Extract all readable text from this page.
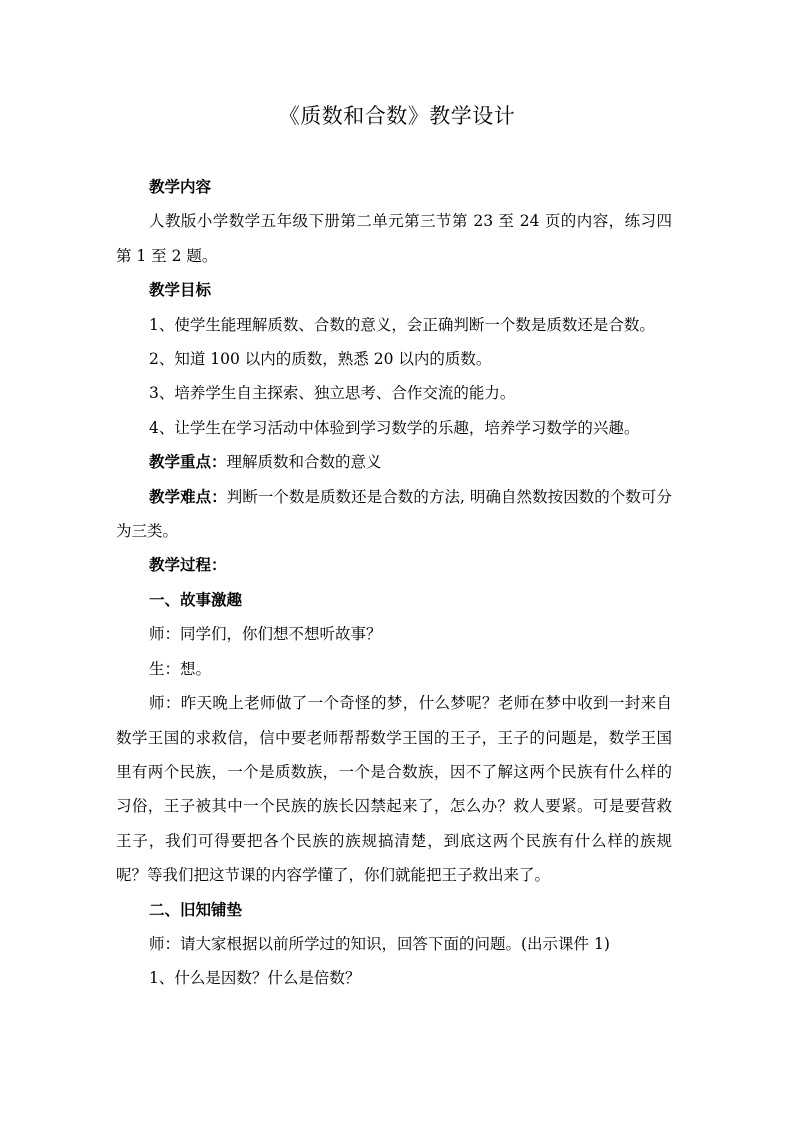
《质数和合数》教学设计

教学内容

人教版小学数学五年级下册第二单元第三节第 23 至 24 页的内容，练习四第 1 至 2 题。

教学目标

1、使学生能理解质数、合数的意义，会正确判断一个数是质数还是合数。

2、知道 100 以内的质数，熟悉 20 以内的质数。

3、培养学生自主探索、独立思考、合作交流的能力。

4、让学生在学习活动中体验到学习数学的乐趣，培养学习数学的兴趣。

教学重点：理解质数和合数的意义

教学难点：判断一个数是质数还是合数的方法, 明确自然数按因数的个数可分为三类。

教学过程：

一、故事激趣

师：同学们，你们想不想听故事？

生：想。

师：昨天晚上老师做了一个奇怪的梦，什么梦呢？老师在梦中收到一封来自数学王国的求救信，信中要老师帮帮数学王国的王子，王子的问题是，数学王国里有两个民族，一个是质数族，一个是合数族，因不了解这两个民族有什么样的习俗，王子被其中一个民族的族长囚禁起来了，怎么办？救人要紧。可是要营救王子，我们可得要把各个民族的族规搞清楚，到底这两个民族有什么样的族规呢？等我们把这节课的内容学懂了，你们就能把王子救出来了。

二、旧知铺垫

师：请大家根据以前所学过的知识，回答下面的问题。(出示课件 1)

1、什么是因数？什么是倍数？
